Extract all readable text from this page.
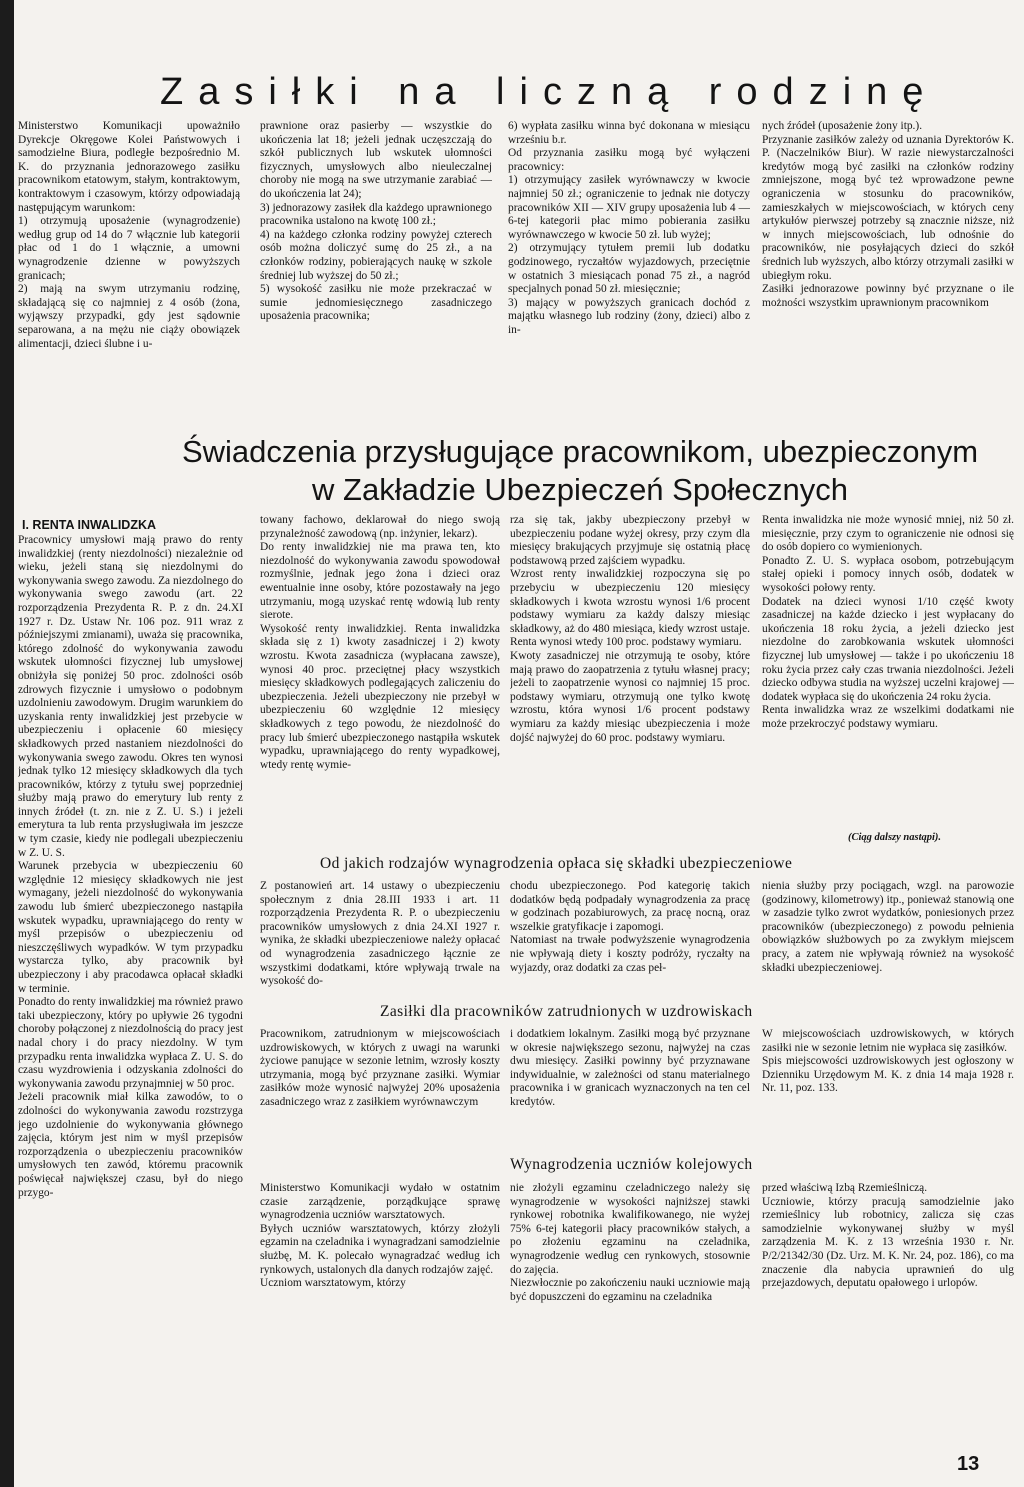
Zasiłki na liczną rodzinę

Ministerstwo Komunikacji upoważniło Dyrekcje Okręgowe Kolei Państwowych i samodzielne Biura, podległe bezpośrednio M. K. do przyznania jednorazowego zasiłku pracownikom etatowym, stałym, kontraktowym, kontraktowym i czasowym, którzy odpowiadają następującym warunkom:
1) otrzymują uposażenie (wynagrodzenie) według grup od 14 do 7 włącznie lub kategorii płac od 1 do 1 włącznie, a umowni wynagrodzenie dzienne w powyższych granicach;
2) mają na swym utrzymaniu rodzinę, składającą się co najmniej z 4 osób (żona, wyjąwszy przypadki, gdy jest sądownie separowana, a na mężu nie ciąży obowiązek alimentacji, dzieci ślubne i u-

prawnione oraz pasierby — wszystkie do ukończenia lat 18; jeżeli jednak uczęszczają do szkół publicznych lub wskutek ułomności fizycznych, umysłowych albo nieuleczalnej choroby nie mogą na swe utrzymanie zarabiać — do ukończenia lat 24);
3) jednorazowy zasiłek dla każdego uprawnionego pracownika ustalono na kwotę 100 zł.;
4) na każdego członka rodziny powyżej czterech osób można doliczyć sumę do 25 zł., a na członków rodziny, pobierających naukę w szkole średniej lub wyższej do 50 zł.;
5) wysokość zasiłku nie może przekraczać w sumie jednomiesięcznego zasadniczego uposażenia pracownika;

6) wypłata zasiłku winna być dokonana w miesiącu wrześniu b.r.
Od przyznania zasiłku mogą być wyłączeni pracownicy:
1) otrzymujący zasiłek wyrównawczy w kwocie najmniej 50 zł.; ograniczenie to jednak nie dotyczy pracowników XII — XIV grupy uposażenia lub 4 — 6-tej kategorii płac mimo pobierania zasiłku wyrównawczego w kwocie 50 zł. lub wyżej;
2) otrzymujący tytułem premii lub dodatku godzinowego, ryczałtów wyjazdowych, przeciętnie w ostatnich 3 miesiącach ponad 75 zł., a nagród specjalnych ponad 50 zł. miesięcznie;
3) mający w powyższych granicach dochód z majątku własnego lub rodziny (żony, dzieci) albo z in-

nych źródeł (uposażenie żony itp.).
Przyznanie zasiłków zależy od uznania Dyrektorów K. P. (Naczelników Biur). W razie niewystarczalności kredytów mogą być zasiłki na członków rodziny zmniejszone, mogą być też wprowadzone pewne ograniczenia w stosunku do pracowników, zamieszkałych w miejscowościach, w których ceny artykułów pierwszej potrzeby są znacznie niższe, niż w innych miejscowościach, lub odnośnie do pracowników, nie posyłających dzieci do szkół średnich lub wyższych, albo którzy otrzymali zasiłki w ubiegłym roku.
Zasiłki jednorazowe powinny być przyznane o ile możności wszystkim uprawnionym pracownikom

Świadczenia przysługujące pracownikom, ubezpieczonym
w Zakładzie Ubezpieczeń Społecznych
I. RENTA INWALIDZKA

Pracownicy umysłowi mają prawo do renty inwalidzkiej (renty niezdolności) niezależnie od wieku, jeżeli staną się niezdolnymi do wykonywania swego zawodu. Za niezdolnego do wykonywania swego zawodu (art. 22 rozporządzenia Prezydenta R. P. z dn. 24.XI 1927 r. Dz. Ustaw Nr. 106 poz. 911 wraz z późniejszymi zmianami), uważa się pracownika, którego zdolność do wykonywania zawodu wskutek ułomności fizycznej lub umysłowej obniżyła się poniżej 50 proc. zdolności osób zdrowych fizycznie i umysłowo o podobnym uzdolnieniu zawodowym. Drugim warunkiem do uzyskania renty inwalidzkiej jest przebycie w ubezpieczeniu i opłacenie 60 miesięcy składkowych przed nastaniem niezdolności do wykonywania swego zawodu. Okres ten wynosi jednak tylko 12 miesięcy składkowych dla tych pracowników, którzy z tytułu swej poprzedniej służby mają prawo do emerytury lub renty z innych źródeł (t. zn. nie z Z. U. S.) i jeżeli emerytura ta lub renta przysługiwała im jeszcze w tym czasie, kiedy nie podlegali ubezpieczeniu w Z. U. S.
Warunek przebycia w ubezpieczeniu 60 względnie 12 miesięcy składkowych nie jest wymagany, jeżeli niezdolność do wykonywania zawodu lub śmierć ubezpieczonego nastąpiła wskutek wypadku, uprawniającego do renty w myśl przepisów o ubezpieczeniu od nieszczęśliwych wypadków. W tym przypadku wystarcza tylko, aby pracownik był ubezpieczony i aby pracodawca opłacał składki w terminie.
Ponadto do renty inwalidzkiej ma również prawo taki ubezpieczony, który po upływie 26 tygodni choroby połączonej z niezdolnością do pracy jest nadal chory i do pracy niezdolny. W tym przypadku renta inwalidzka wypłaca Z. U. S. do czasu wyzdrowienia i odzyskania zdolności do wykonywania zawodu przynajmniej w 50 proc.
Jeżeli pracownik miał kilka zawodów, to o zdolności do wykonywania zawodu rozstrzyga jego uzdolnienie do wykonywania głównego zajęcia, którym jest nim w myśl przepisów rozporządzenia o ubezpieczeniu pracowników umysłowych ten zawód, któremu pracownik poświęcał największej czasu, był do niego przygo-

towany fachowo, deklarował do niego swoją przynależność zawodową (np. inżynier, lekarz).
Do renty inwalidzkiej nie ma prawa ten, kto niezdolność do wykonywania zawodu spowodował rozmyślnie, jednak jego żona i dzieci oraz ewentualnie inne osoby, które pozostawały na jego utrzymaniu, mogą uzyskać rentę wdowią lub renty sierote.
Wysokość renty inwalidzkiej. Renta inwalidzka składa się z 1) kwoty zasadniczej i 2) kwoty wzrostu. Kwota zasadnicza (wypłacana zawsze), wynosi 40 proc. przeciętnej płacy wszystkich miesięcy składkowych podlegających zaliczeniu do ubezpieczenia. Jeżeli ubezpieczony nie przebył w ubezpieczeniu 60 względnie 12 miesięcy składkowych z tego powodu, że niezdolność do pracy lub śmierć ubezpieczonego nastąpiła wskutek wypadku, uprawniającego do renty wypadkowej, wtedy rentę wymie-

rza się tak, jakby ubezpieczony przebył w ubezpieczeniu podane wyżej okresy, przy czym dla miesięcy brakujących przyjmuje się ostatnią płacę podstawową przed zajściem wypadku.
Wzrost renty inwalidzkiej rozpoczyna się po przebyciu w ubezpieczeniu 120 miesięcy składkowych i kwota wzrostu wynosi 1/6 procent podstawy wymiaru za każdy dalszy miesiąc składkowy, aż do 480 miesiąca, kiedy wzrost ustaje. Renta wynosi wtedy 100 proc. podstawy wymiaru.
Kwoty zasadniczej nie otrzymują te osoby, które mają prawo do zaopatrzenia z tytułu własnej pracy; jeżeli to zaopatrzenie wynosi co najmniej 15 proc. podstawy wymiaru, otrzymują one tylko kwotę wzrostu, która wynosi 1/6 procent podstawy wymiaru za każdy miesiąc ubezpieczenia i może dojść najwyżej do 60 proc. podstawy wymiaru.

Renta inwalidzka nie może wynosić mniej, niż 50 zł. miesięcznie, przy czym to ograniczenie nie odnosi się do osób dopiero co wymienionych.
Ponadto Z. U. S. wypłaca osobom, potrzebującym stałej opieki i pomocy innych osób, dodatek w wysokości połowy renty.
Dodatek na dzieci wynosi 1/10 część kwoty zasadniczej na każde dziecko i jest wypłacany do ukończenia 18 roku życia, a jeżeli dziecko jest niezdolne do zarobkowania wskutek ułomności fizycznej lub umysłowej — także i po ukończeniu 18 roku życia przez cały czas trwania niezdolności. Jeżeli dziecko odbywa studia na wyższej uczelni krajowej — dodatek wypłaca się do ukończenia 24 roku życia.
Renta inwalidzka wraz ze wszelkimi dodatkami nie może przekroczyć podstawy wymiaru.

(Ciąg dalszy nastąpi).
Od jakich rodzajów wynagrodzenia opłaca się składki ubezpieczeniowe

Z postanowień art. 14 ustawy o ubezpieczeniu społecznym z dnia 28.III 1933 i art. 11 rozporządzenia Prezydenta R. P. o ubezpieczeniu pracowników umysłowych z dnia 24.XI 1927 r. wynika, że składki ubezpieczeniowe należy opłacać od wynagrodzenia zasadniczego łącznie ze wszystkimi dodatkami, które wpływają trwale na wysokość do-

chodu ubezpieczonego. Pod kategorię takich dodatków będą podpadały wynagrodzenia za pracę w godzinach pozabiurowych, za pracę nocną, oraz wszelkie gratyfikacje i zapomogi.
Natomiast na trwałe podwyższenie wynagrodzenia nie wpływają diety i koszty podróży, ryczałty na wyjazdy, oraz dodatki za czas peł-

nienia służby przy pociągach, wzgl. na parowozie (godzinowy, kilometrowy) itp., ponieważ stanowią one w zasadzie tylko zwrot wydatków, poniesionych przez pracowników (ubezpieczonego) z powodu pełnienia obowiązków służbowych po za zwykłym miejscem pracy, a zatem nie wpływają również na wysokość składki ubezpieczeniowej.

Zasiłki dla pracowników zatrudnionych w uzdrowiskach

Pracownikom, zatrudnionym w miejscowościach uzdrowiskowych, w których z uwagi na warunki życiowe panujące w sezonie letnim, wzrosły koszty utrzymania, mogą być przyznane zasiłki. Wymiar zasiłków może wynosić najwyżej 20% uposażenia zasadniczego wraz z zasiłkiem wyrównawczym

i dodatkiem lokalnym. Zasiłki mogą być przyznane w okresie największego sezonu, najwyżej na czas dwu miesięcy. Zasiłki powinny być przyznawane indywidualnie, w zależności od stanu materialnego pracownika i w granicach wyznaczonych na ten cel kredytów.

W miejscowościach uzdrowiskowych, w których zasiłki nie w sezonie letnim nie wypłaca się zasiłków.
Spis miejscowości uzdrowiskowych jest ogłoszony w Dzienniku Urzędowym M. K. z dnia 14 maja 1928 r. Nr. 11, poz. 133.

Wynagrodzenia uczniów kolejowych

Ministerstwo Komunikacji wydało w ostatnim czasie zarządzenie, porządkujące sprawę wynagrodzenia uczniów warsztatowych.
Byłych uczniów warsztatowych, którzy złożyli egzamin na czeladnika i wynagradzani samodzielnie służbę, M. K. polecało wynagradzać według ich rynkowych, ustalonych dla danych rodzajów zajęć.
Uczniom warsztatowym, którzy

nie złożyli egzaminu czeladniczego należy się wynagrodzenie w wysokości najniższej stawki rynkowej robotnika kwalifikowanego, nie wyżej 75% 6-tej kategorii płacy pracowników stałych, a po złożeniu egzaminu na czeladnika, wynagrodzenie według cen rynkowych, stosownie do zajęcia.
Niezwłocznie po zakończeniu nauki uczniowie mają być dopuszczeni do egzaminu na czeladnika

przed właściwą Izbą Rzemieślniczą.
Uczniowie, którzy pracują samodzielnie jako rzemieślnicy lub robotnicy, zalicza się czas samodzielnie wykonywanej służby w myśl zarządzenia M. K. z 13 września 1930 r. Nr. P/2/21342/30 (Dz. Urz. M. K. Nr. 24, poz. 186), co ma znaczenie dla nabycia uprawnień do ulg przejazdowych, deputatu opałowego i urlopów.

13
